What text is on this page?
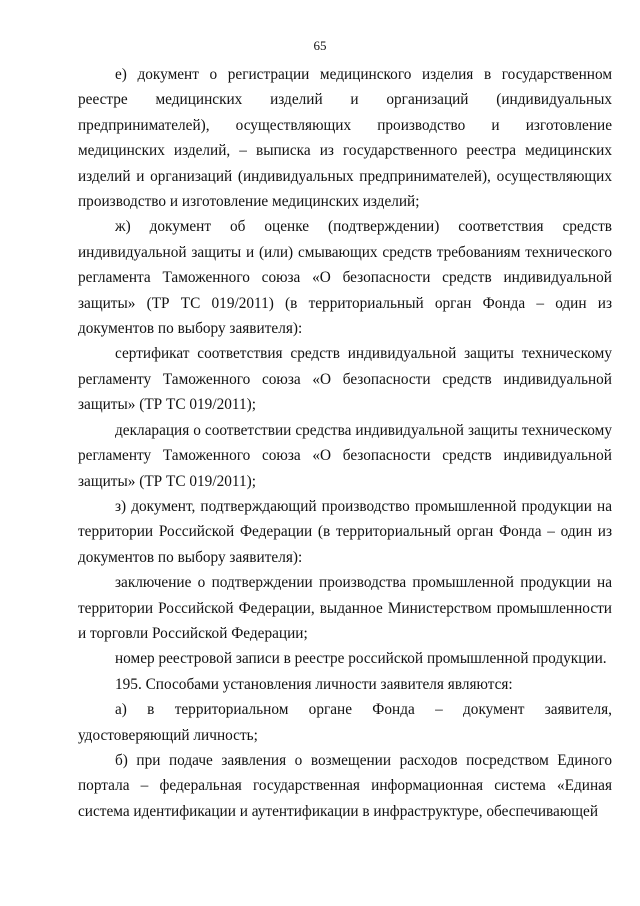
65

е) документ о регистрации медицинского изделия в государственном реестре медицинских изделий и организаций (индивидуальных предпринимателей), осуществляющих производство и изготовление медицинских изделий, – выписка из государственного реестра медицинских изделий и организаций (индивидуальных предпринимателей), осуществляющих производство и изготовление медицинских изделий;

ж) документ об оценке (подтверждении) соответствия средств индивидуальной защиты и (или) смывающих средств требованиям технического регламента Таможенного союза «О безопасности средств индивидуальной защиты» (ТР ТС 019/2011) (в территориальный орган Фонда – один из документов по выбору заявителя):

сертификат соответствия средств индивидуальной защиты техническому регламенту Таможенного союза «О безопасности средств индивидуальной защиты» (ТР ТС 019/2011);

декларация о соответствии средства индивидуальной защиты техническому регламенту Таможенного союза «О безопасности средств индивидуальной защиты» (ТР ТС 019/2011);

з) документ, подтверждающий производство промышленной продукции на территории Российской Федерации (в территориальный орган Фонда – один из документов по выбору заявителя):

заключение о подтверждении производства промышленной продукции на территории Российской Федерации, выданное Министерством промышленности и торговли Российской Федерации;

номер реестровой записи в реестре российской промышленной продукции.

195. Способами установления личности заявителя являются:

а) в территориальном органе Фонда – документ заявителя, удостоверяющий личность;

б) при подаче заявления о возмещении расходов посредством Единого портала – федеральная государственная информационная система «Единая система идентификации и аутентификации в инфраструктуре, обеспечивающей
